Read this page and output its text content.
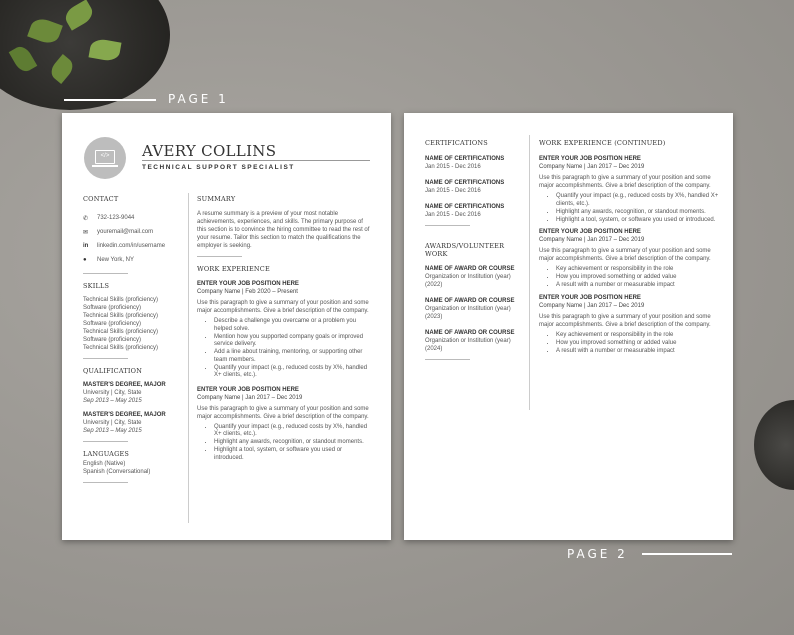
PAGE 1
PAGE 2
</>	AVERY COLLINS
TECHNICAL SUPPORT SPECIALIST
CONTACT
✆	732-123-9044
✉	youremail@mail.com
in	linkedin.com/in/username
●	New York, NY
SKILLS
Technical Skills (proficiency)
Software (proficiency)
Technical Skills (proficiency)
Software (proficiency)
Technical Skills (proficiency)
Software (proficiency)
Technical Skills (proficiency)
QUALIFICATION
MASTER'S DEGREE, MAJOR
University | City, State
Sep 2013 – May 2015
MASTER'S DEGREE, MAJOR
University | City, State
Sep 2013 – May 2015
LANGUAGES
English (Native)
Spanish (Conversational)
SUMMARY
A resume summary is a preview of your most notable achievements, experiences, and skills. The primary purpose of this section is to convince the hiring committee to read the rest of your resume. Tailor this section to match the qualifications the employer is seeking.
WORK EXPERIENCE
ENTER YOUR JOB POSITION HERE
Company Name | Feb 2020 – Present
Use this paragraph to give a summary of your position and some major accomplishments. Give a brief description of the company.
• Describe a challenge you overcame or a problem you helped solve.
• Mention how you supported company goals or improved service delivery.
• Add a line about training, mentoring, or supporting other team members.
• Quantify your impact (e.g., reduced costs by X%, handled X+ clients, etc.).
ENTER YOUR JOB POSITION HERE
Company Name | Jan 2017 – Dec 2019
Use this paragraph to give a summary of your position and some major accomplishments. Give a brief description of the company.
• Quantify your impact (e.g., reduced costs by X%, handled X+ clients, etc.).
• Highlight any awards, recognition, or standout moments.
• Highlight a tool, system, or software you used or introduced.
CERTIFICATIONS
NAME OF CERTIFICATIONS
Jan 2015 - Dec 2016
NAME OF CERTIFICATIONS
Jan 2015 - Dec 2016
NAME OF CERTIFICATIONS
Jan 2015 - Dec 2016
AWARDS/VOLUNTEER WORK
NAME OF AWARD OR COURSE
Organization or Institution (year)
(2022)
NAME OF AWARD OR COURSE
Organization or Institution (year)
(2023)
NAME OF AWARD OR COURSE
Organization or Institution (year)
(2024)
WORK EXPERIENCE (CONTINUED)
ENTER YOUR JOB POSITION HERE
Company Name | Jan 2017 – Dec 2019
Use this paragraph to give a summary of your position and some major accomplishments. Give a brief description of the company.
• Quantify your impact (e.g., reduced costs by X%, handled X+ clients, etc.).
• Highlight any awards, recognition, or standout moments.
• Highlight a tool, system, or software you used or introduced.
ENTER YOUR JOB POSITION HERE
Company Name | Jan 2017 – Dec 2019
Use this paragraph to give a summary of your position and some major accomplishments. Give a brief description of the company.
• Key achievement or responsibility in the role
• How you improved something or added value
• A result with a number or measurable impact
ENTER YOUR JOB POSITION HERE
Company Name | Jan 2017 – Dec 2019
Use this paragraph to give a summary of your position and some major accomplishments. Give a brief description of the company.
• Key achievement or responsibility in the role
• How you improved something or added value
• A result with a number or measurable impact
